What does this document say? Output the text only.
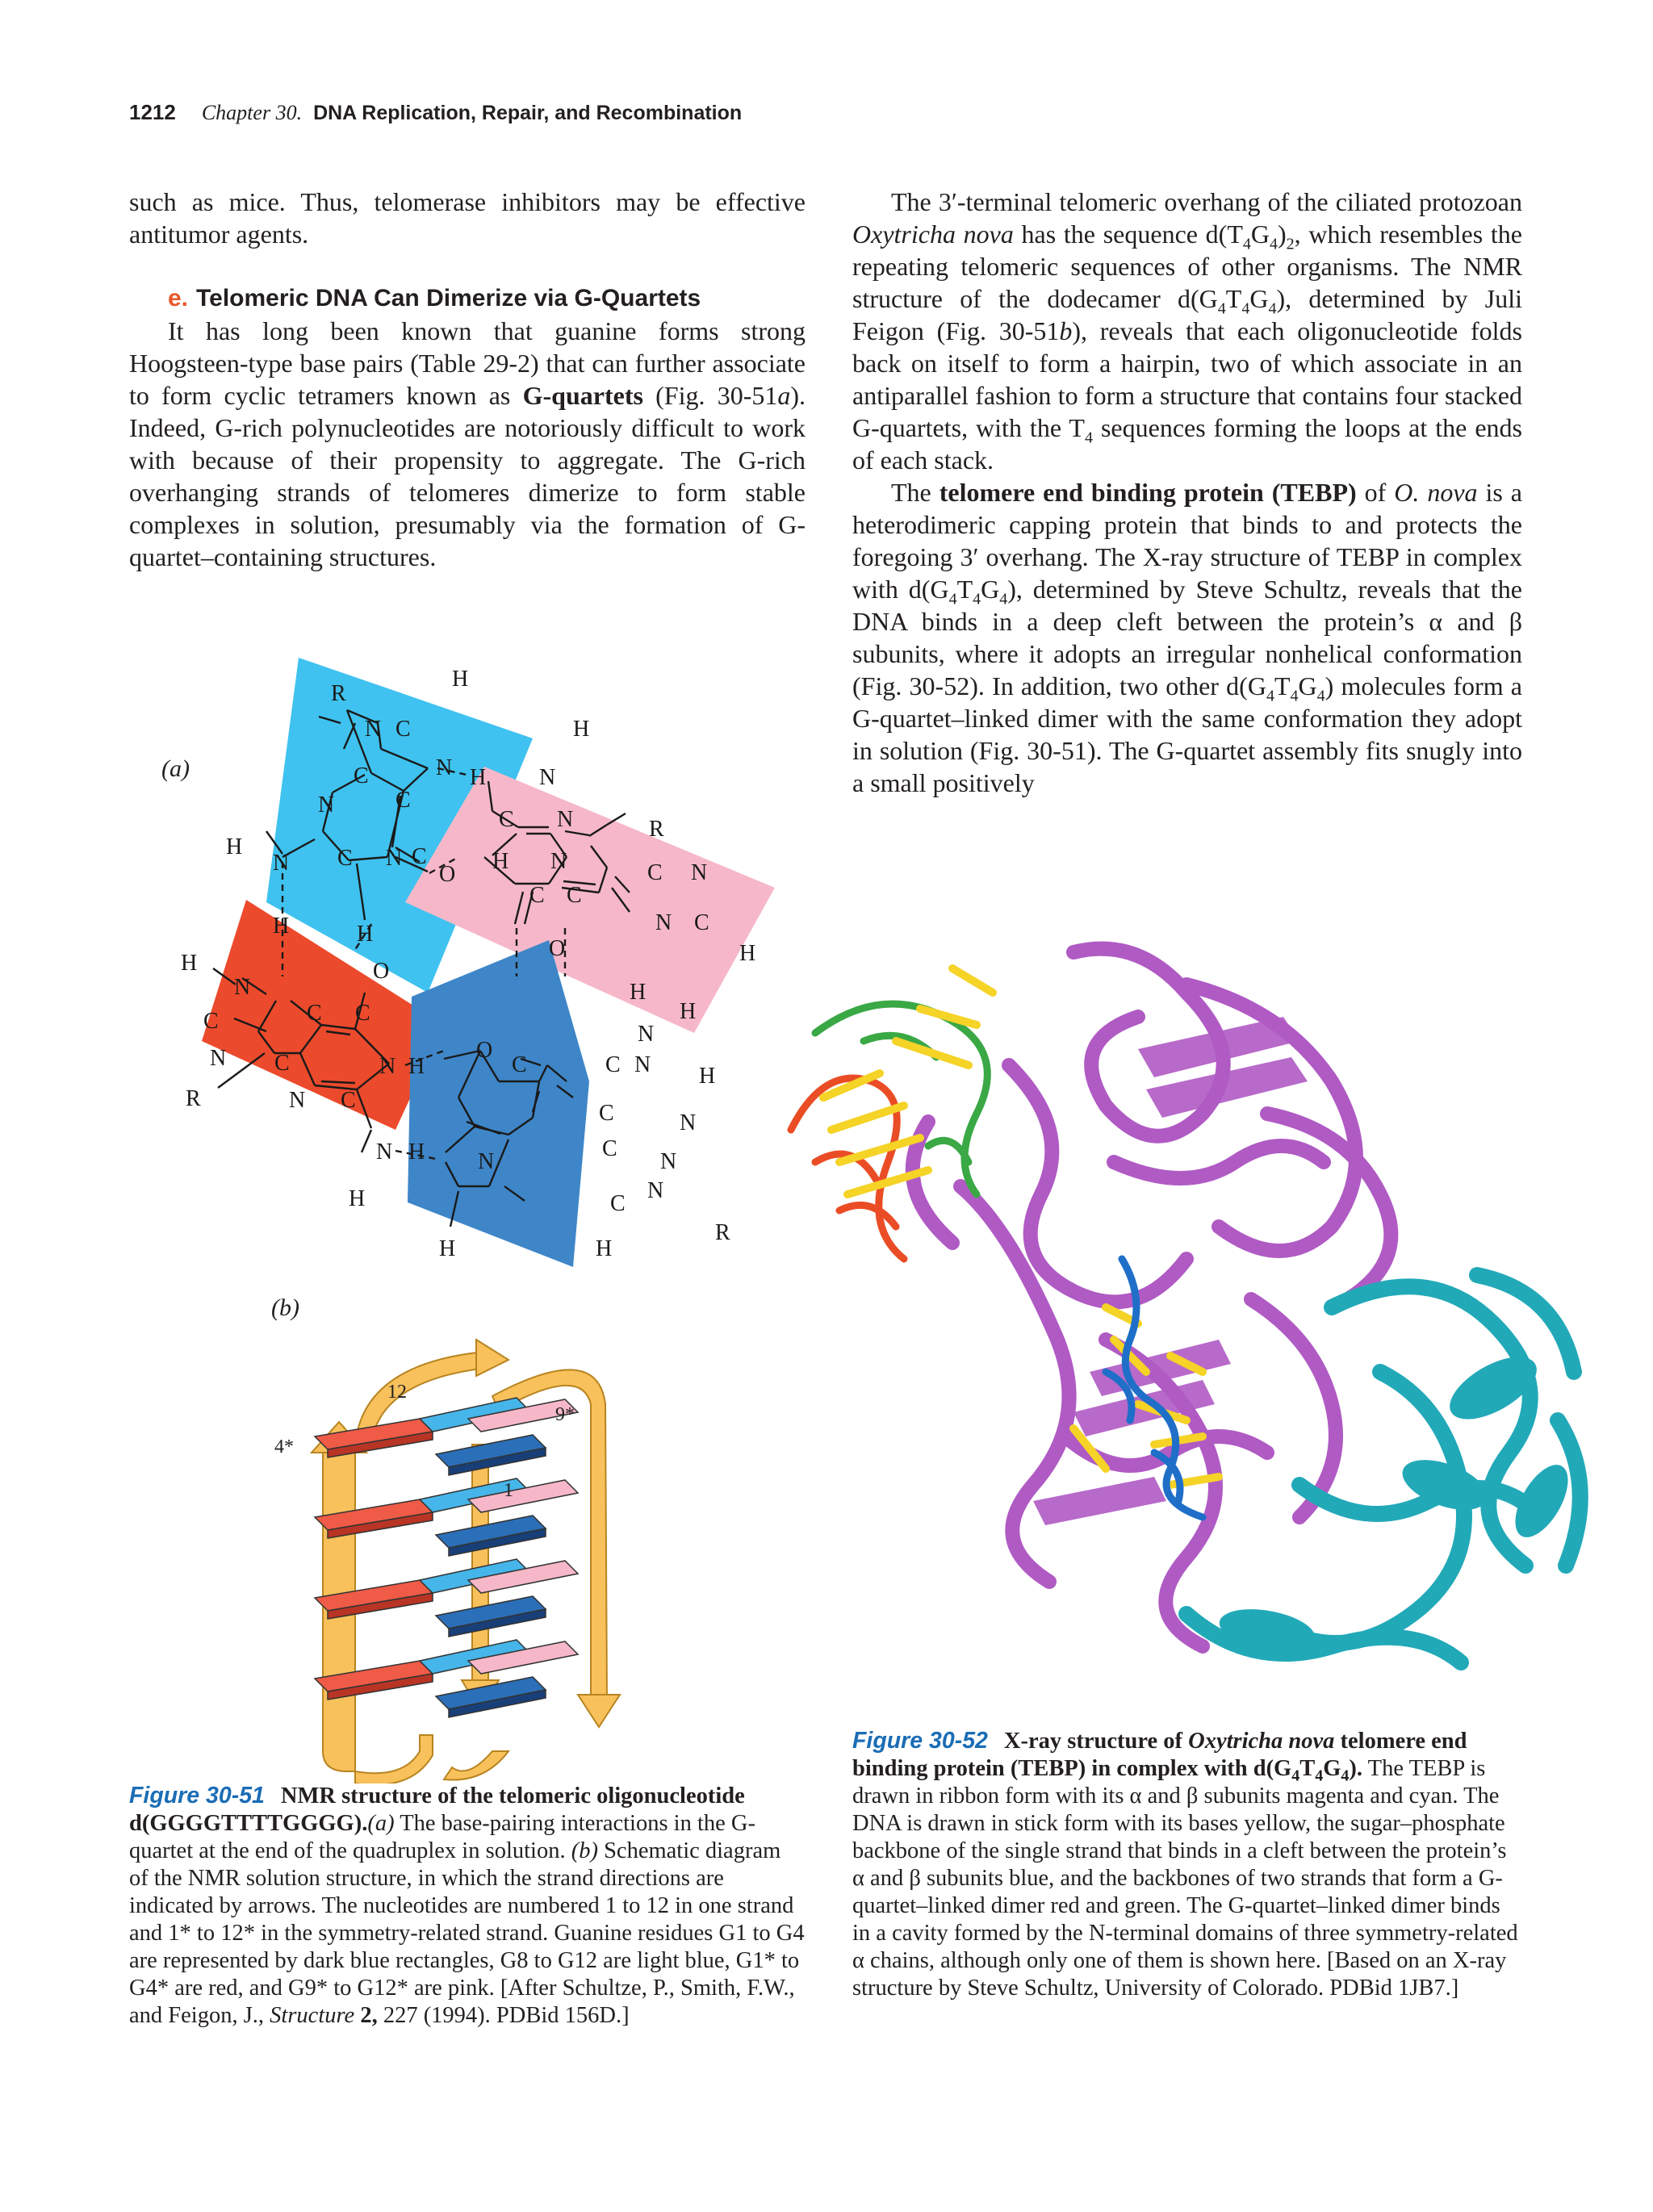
1212 Chapter 30. DNA Replication, Repair, and Recombination

such as mice. Thus, telomerase inhibitors may be effective antitumor agents.

e. Telomeric DNA Can Dimerize via G-Quartets

It has long been known that guanine forms strong Hoogsteen-type base pairs (Table 29-2) that can further associate to form cyclic tetramers known as G-quartets (Fig. 30-51a). Indeed, G-rich polynucleotides are notoriously difficult to work with because of their propensity to aggregate. The G-rich overhanging strands of telomeres dimerize to form stable complexes in solution, presumably via the formation of G-quartet–containing structures.

The 3′-terminal telomeric overhang of the ciliated protozoan Oxytricha nova has the sequence $d(T_4G_4)_2$, which resembles the repeating telomeric sequences of other organisms. The NMR structure of the dodecamer $d(G_4T_4G_4)$, determined by Juli Feigon (Fig. 30-51b), reveals that each oligonucleotide folds back on itself to form a hairpin, two of which associate in an antiparallel fashion to form a structure that contains four stacked G-quartets, with the $T_4$ sequences forming the loops at the ends of each stack.

The telomere end binding protein (TEBP) of O. nova is a heterodimeric capping protein that binds to and protects the foregoing 3′ overhang. The X-ray structure of TEBP in complex with $d(G_4T_4G_4)$, determined by Steve Schultz, reveals that the DNA binds in a deep cleft between the protein’s α and β subunits, where it adopts an irregular nonhelical conformation (Fig. 30-52). In addition, two other $d(G_4T_4G_4)$ molecules form a G-quartet–linked dimer with the same conformation they adopt in solution (Fig. 30-51). The G-quartet assembly fits snugly into a small positively

(a)
(b)
R
H
N C
N
C
C
N
C N C
O
N
H
H	H
O
H
H N
C N	R
H N	C N
C
C
N C
H
O
H
N	H
H
C	C C
N
N C	N H
O
C	C N H
R	N C
C
C
N
N H N	N
H	C
N
H	H
R
12
9*
4*
1

Figure 30-51 NMR structure of the telomeric oligonucleotide d(GGGGTTTTGGGG).(a) The base-pairing interactions in the G-quartet at the end of the quadruplex in solution. (b) Schematic diagram of the NMR solution structure, in which the strand directions are indicated by arrows. The nucleotides are numbered 1 to 12 in one strand and 1* to 12* in the symmetry-related strand. Guanine residues G1 to G4 are represented by dark blue rectangles, G8 to G12 are light blue, G1* to G4* are red, and G9* to G12* are pink. [After Schultze, P., Smith, F.W., and Feigon, J., Structure 2, 227 (1994). PDBid 156D.]

Figure 30-52 X-ray structure of Oxytricha nova telomere end binding protein (TEBP) in complex with $d(G_4T_4G_4)$. The TEBP is drawn in ribbon form with its α and β subunits magenta and cyan. The DNA is drawn in stick form with its bases yellow, the sugar–phosphate backbone of the single strand that binds in a cleft between the protein’s α and β subunits blue, and the backbones of two strands that form a G-quartet–linked dimer red and green. The G-quartet–linked dimer binds in a cavity formed by the N-terminal domains of three symmetry-related α chains, although only one of them is shown here. [Based on an X-ray structure by Steve Schultz, University of Colorado. PDBid 1JB7.]
